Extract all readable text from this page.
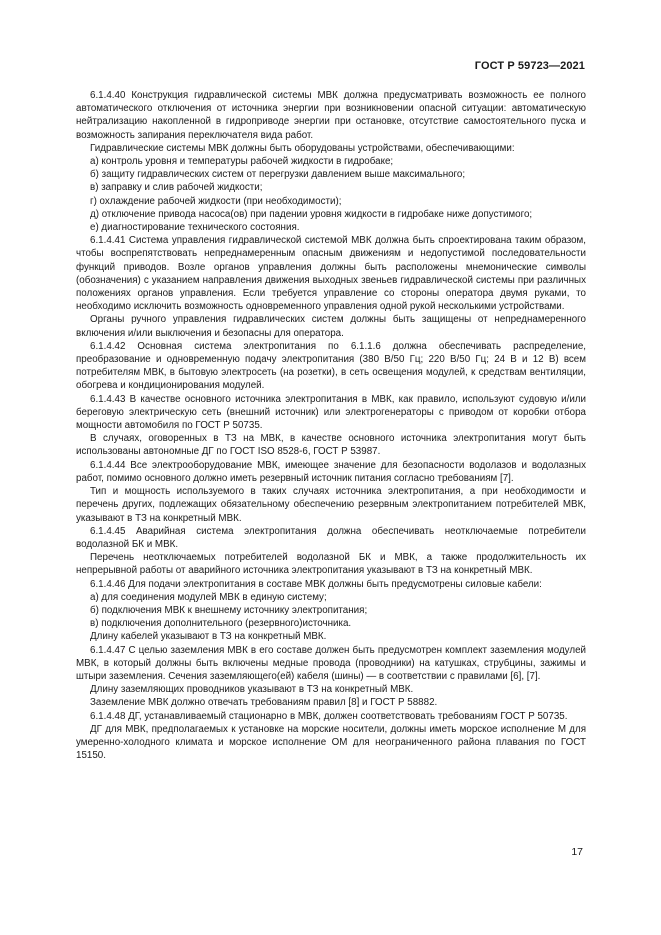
ГОСТ Р 59723—2021

6.1.4.40 Конструкция гидравлической системы МВК должна предусматривать возможность ее полного автоматического отключения от источника энергии при возникновении опасной ситуации: автоматическую нейтрализацию накопленной в гидроприводе энергии при остановке, отсутствие самостоятельного пуска и возможность запирания переключателя вида работ.

Гидравлические системы МВК должны быть оборудованы устройствами, обеспечивающими:

а) контроль уровня и температуры рабочей жидкости в гидробаке;

б) защиту гидравлических систем от перегрузки давлением выше максимального;

в) заправку и слив рабочей жидкости;

г) охлаждение рабочей жидкости (при необходимости);

д) отключение привода насоса(ов) при падении уровня жидкости в гидробаке ниже допустимого;

е) диагностирование технического состояния.

6.1.4.41 Система управления гидравлической системой МВК должна быть спроектирована таким образом, чтобы воспрепятствовать непреднамеренным опасным движениям и недопустимой последовательности функций приводов. Возле органов управления должны быть расположены мнемонические символы (обозначения) с указанием направления движения выходных звеньев гидравлической системы при различных положениях органов управления. Если требуется управление со стороны оператора двумя руками, то необходимо исключить возможность одновременного управления одной рукой несколькими устройствами.

Органы ручного управления гидравлических систем должны быть защищены от непреднамеренного включения и/или выключения и безопасны для оператора.

6.1.4.42 Основная система электропитания по 6.1.1.6 должна обеспечивать распределение, преобразование и одновременную подачу электропитания (380 В/50 Гц; 220 В/50 Гц; 24 В и 12 В) всем потребителям МВК, в бытовую электросеть (на розетки), в сеть освещения модулей, к средствам вентиляции, обогрева и кондиционирования модулей.

6.1.4.43 В качестве основного источника электропитания в МВК, как правило, используют судовую и/или береговую электрическую сеть (внешний источник) или электрогенераторы с приводом от коробки отбора мощности автомобиля по ГОСТ Р 50735.

В случаях, оговоренных в ТЗ на МВК, в качестве основного источника электропитания могут быть использованы автономные ДГ по ГОСТ ISO 8528-6, ГОСТ Р 53987.

6.1.4.44 Все электрооборудование МВК, имеющее значение для безопасности водолазов и водолазных работ, помимо основного должно иметь резервный источник питания согласно требованиям [7].

Тип и мощность используемого в таких случаях источника электропитания, а при необходимости и перечень других, подлежащих обязательному обеспечению резервным электропитанием потребителей МВК, указывают в ТЗ на конкретный МВК.

6.1.4.45 Аварийная система электропитания должна обеспечивать неотключаемые потребители водолазной БК и МВК.

Перечень неотключаемых потребителей водолазной БК и МВК, а также продолжительность их непрерывной работы от аварийного источника электропитания указывают в ТЗ на конкретный МВК.

6.1.4.46 Для подачи электропитания в составе МВК должны быть предусмотрены силовые кабели:

а) для соединения модулей МВК в единую систему;

б) подключения МВК к внешнему источнику электропитания;

в) подключения дополнительного (резервного)источника.

Длину кабелей указывают в ТЗ на конкретный МВК.

6.1.4.47 С целью заземления МВК в его составе должен быть предусмотрен комплект заземления модулей МВК, в который должны быть включены медные провода (проводники) на катушках, струбцины, зажимы и штыри заземления. Сечения заземляющего(ей) кабеля (шины) — в соответствии с правилами [6], [7].

Длину заземляющих проводников указывают в ТЗ на конкретный МВК.

Заземление МВК должно отвечать требованиям правил [8] и ГОСТ Р 58882.

6.1.4.48 ДГ, устанавливаемый стационарно в МВК, должен соответствовать требованиям ГОСТ Р 50735.

ДГ для МВК, предполагаемых к установке на морские носители, должны иметь морское исполнение М для умеренно-холодного климата и морское исполнение ОМ для неограниченного района плавания по ГОСТ 15150.

17
